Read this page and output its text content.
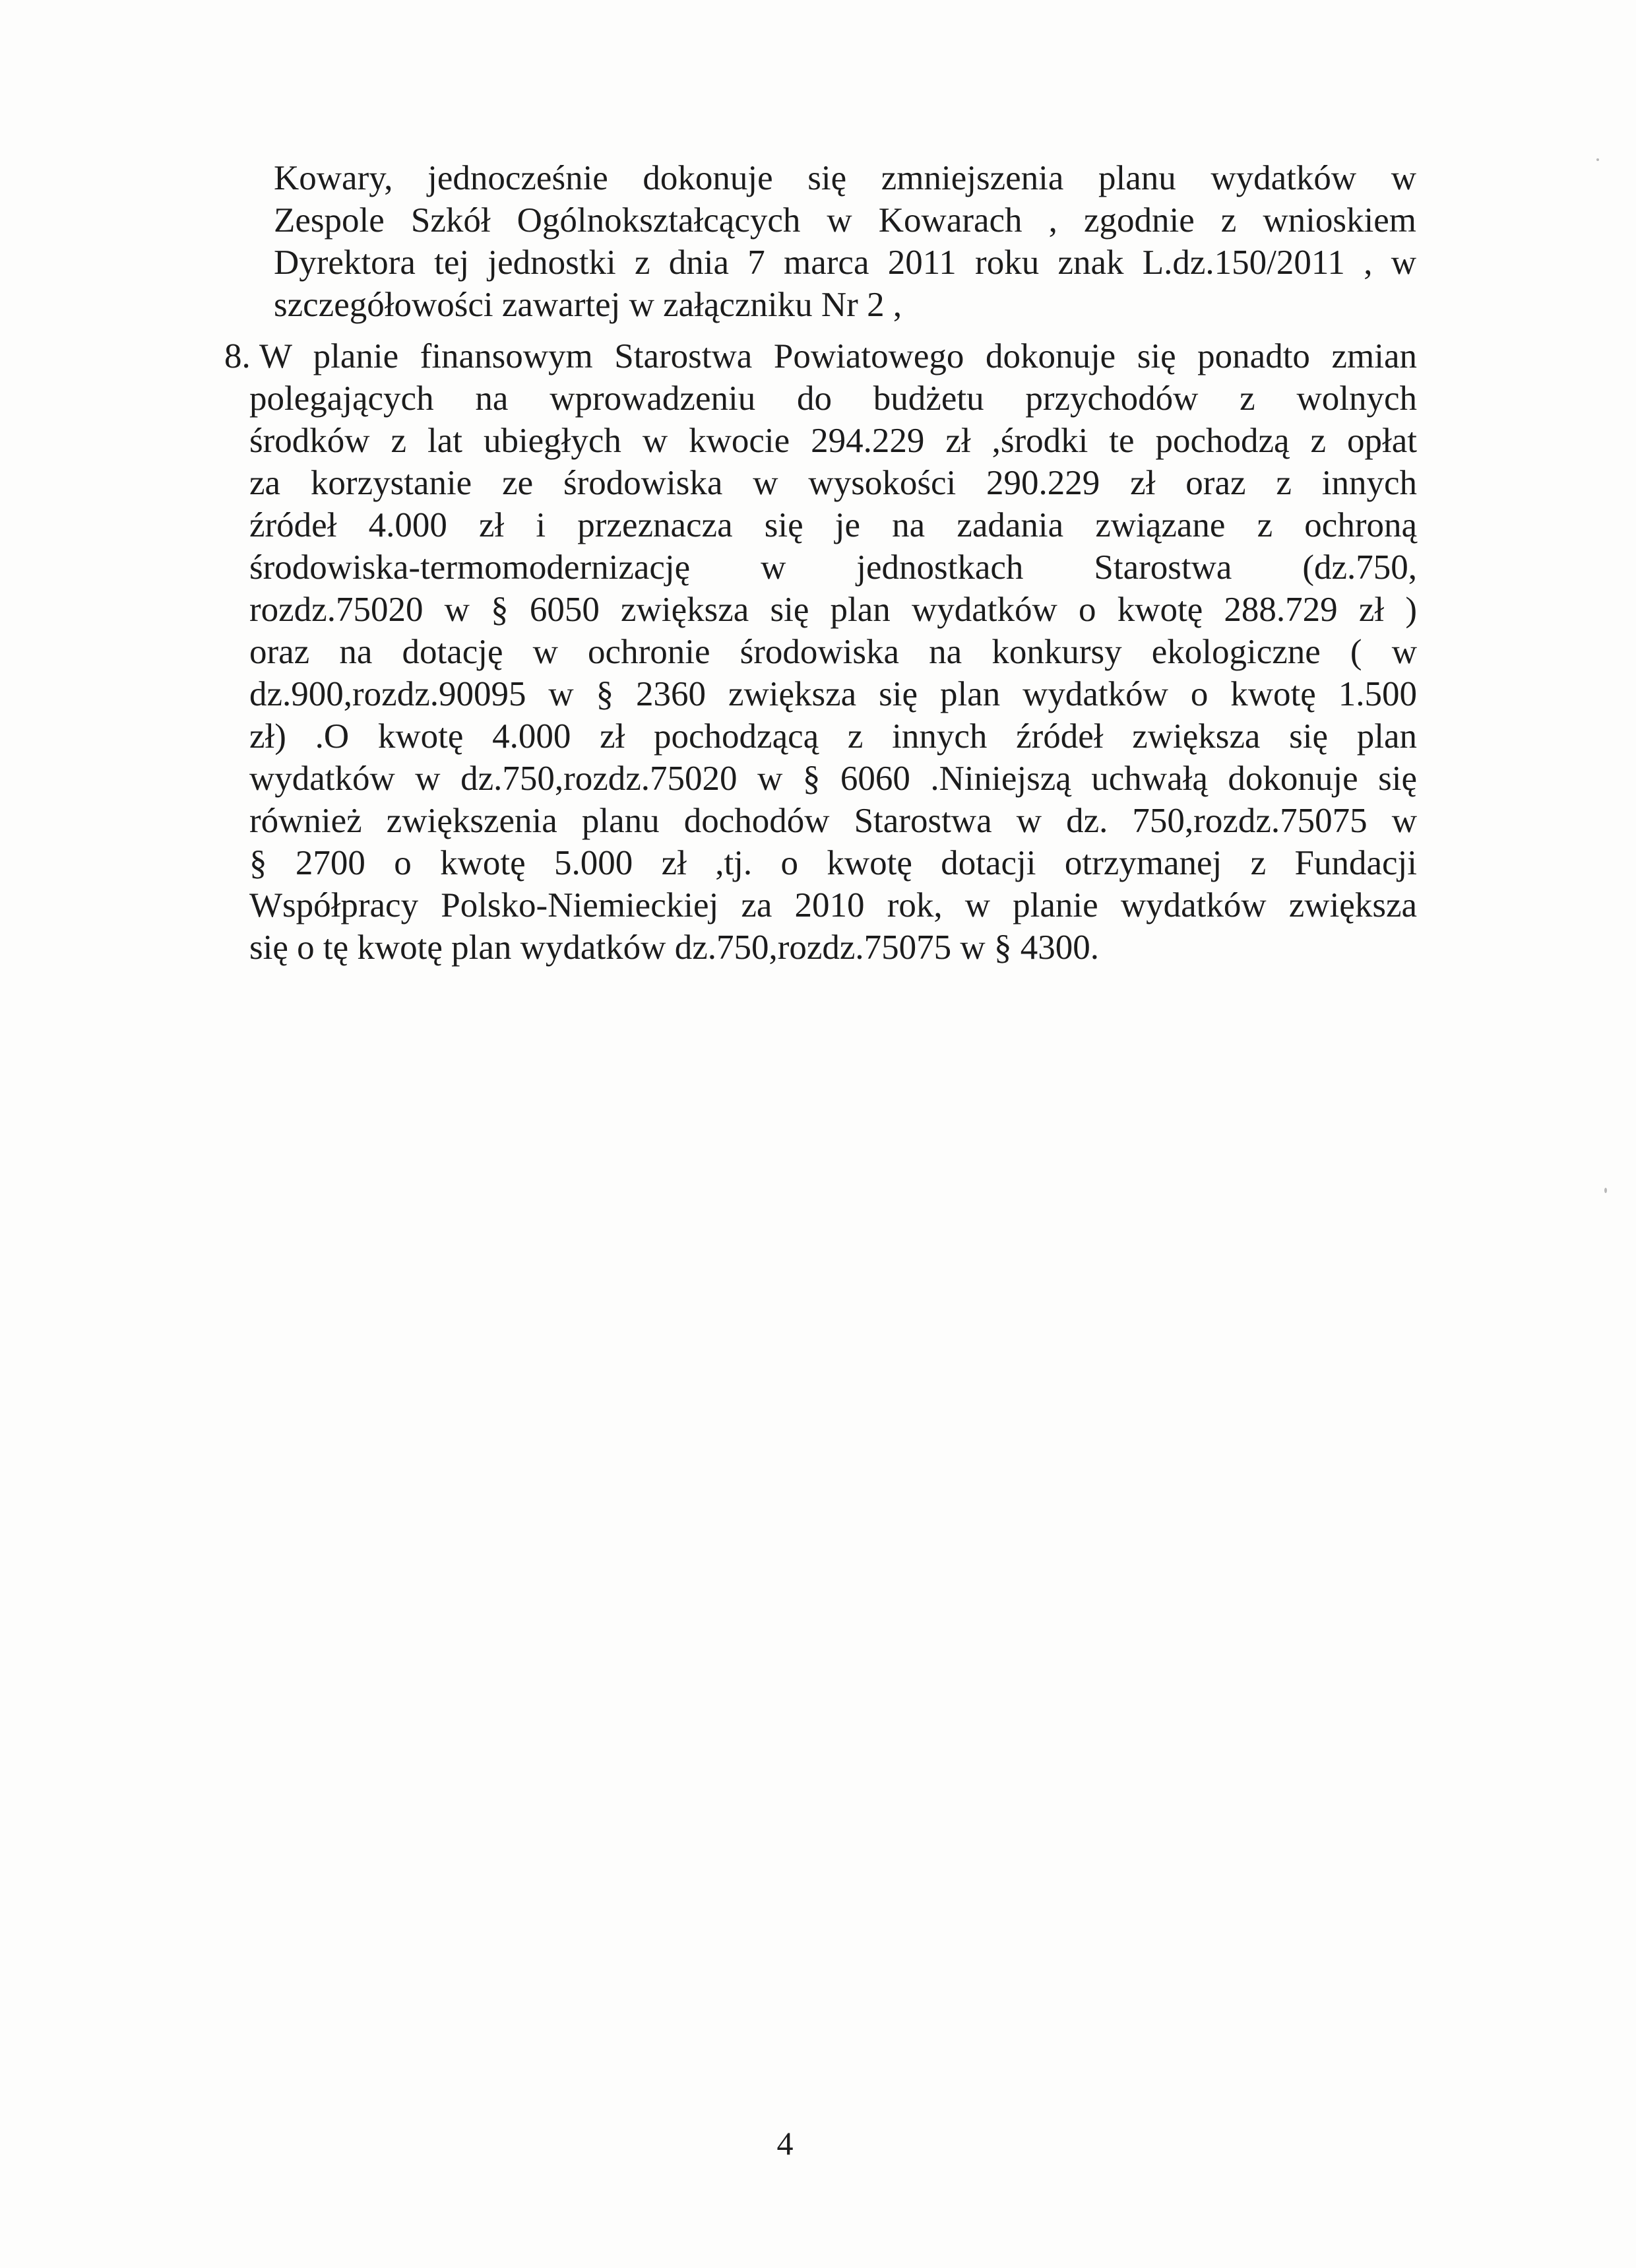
Kowary, jednocześnie dokonuje się zmniejszenia planu wydatków w
Zespole Szkół Ogólnokształcących w Kowarach , zgodnie z wnioskiem
Dyrektora tej jednostki z dnia 7 marca 2011 roku znak L.dz.150/2011 , w
szczegółowości zawartej w załączniku Nr 2 ,
8. W planie finansowym Starostwa Powiatowego dokonuje się ponadto zmian
polegających na wprowadzeniu do budżetu przychodów z wolnych
środków z lat ubiegłych w kwocie 294.229 zł ,środki te pochodzą z opłat
za korzystanie ze środowiska w wysokości 290.229 zł oraz z innych
źródeł 4.000 zł i przeznacza się je na zadania związane z ochroną
środowiska-termomodernizację w jednostkach Starostwa (dz.750,
rozdz.75020 w § 6050 zwiększa się plan wydatków o kwotę 288.729 zł )
oraz na dotację w ochronie środowiska na konkursy ekologiczne ( w
dz.900,rozdz.90095 w § 2360 zwiększa się plan wydatków o kwotę 1.500
zł) .O kwotę 4.000 zł pochodzącą z innych źródeł zwiększa się plan
wydatków w dz.750,rozdz.75020 w § 6060 .Niniejszą uchwałą dokonuje się
również zwiększenia planu dochodów Starostwa w dz. 750,rozdz.75075 w
§ 2700 o kwotę 5.000 zł ,tj. o kwotę dotacji otrzymanej z Fundacji
Współpracy Polsko-Niemieckiej za 2010 rok, w planie wydatków zwiększa
się o tę kwotę plan wydatków dz.750,rozdz.75075 w § 4300.
4
